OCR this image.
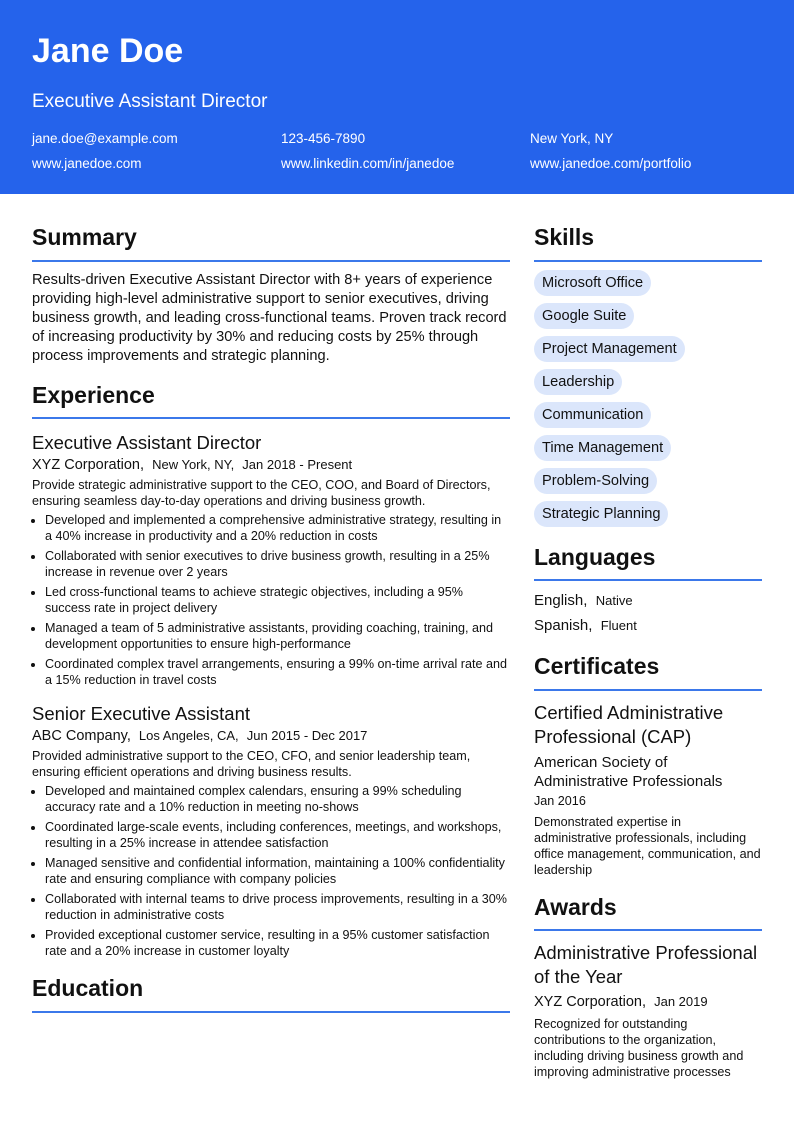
Jane Doe
Executive Assistant Director
jane.doe@example.com	123-456-7890	New York, NY
www.janedoe.com	www.linkedin.com/in/janedoe	www.janedoe.com/portfolio
Summary

Results-driven Executive Assistant Director with 8+ years of experience providing high-level administrative support to senior executives, driving business growth, and leading cross-functional teams. Proven track record of increasing productivity by 30% and reducing costs by 25% through process improvements and strategic planning.

Experience
Executive Assistant Director
XYZ Corporation, New York, NY, Jan 2018 - Present
Provide strategic administrative support to the CEO, COO, and Board of Directors, ensuring seamless day-to-day operations and driving business growth.
• Developed and implemented a comprehensive administrative strategy, resulting in a 40% increase in productivity and a 20% reduction in costs
• Collaborated with senior executives to drive business growth, resulting in a 25% increase in revenue over 2 years
• Led cross-functional teams to achieve strategic objectives, including a 95% success rate in project delivery
• Managed a team of 5 administrative assistants, providing coaching, training, and development opportunities to ensure high-performance
• Coordinated complex travel arrangements, ensuring a 99% on-time arrival rate and a 15% reduction in travel costs
Senior Executive Assistant
ABC Company, Los Angeles, CA, Jun 2015 - Dec 2017
Provided administrative support to the CEO, CFO, and senior leadership team, ensuring efficient operations and driving business results.
• Developed and maintained complex calendars, ensuring a 99% scheduling accuracy rate and a 10% reduction in meeting no-shows
• Coordinated large-scale events, including conferences, meetings, and workshops, resulting in a 25% increase in attendee satisfaction
• Managed sensitive and confidential information, maintaining a 100% confidentiality rate and ensuring compliance with company policies
• Collaborated with internal teams to drive process improvements, resulting in a 30% reduction in administrative costs
• Provided exceptional customer service, resulting in a 95% customer satisfaction rate and a 20% increase in customer loyalty
Education
Skills
Microsoft Office
Google Suite
Project Management
Leadership
Communication
Time Management
Problem-Solving
Strategic Planning
Languages
English, Native
Spanish, Fluent
Certificates
Certified Administrative Professional (CAP)
American Society of Administrative Professionals
Jan 2016
Demonstrated expertise in administrative professionals, including office management, communication, and leadership
Awards
Administrative Professional of the Year
XYZ Corporation, Jan 2019
Recognized for outstanding contributions to the organization, including driving business growth and improving administrative processes
